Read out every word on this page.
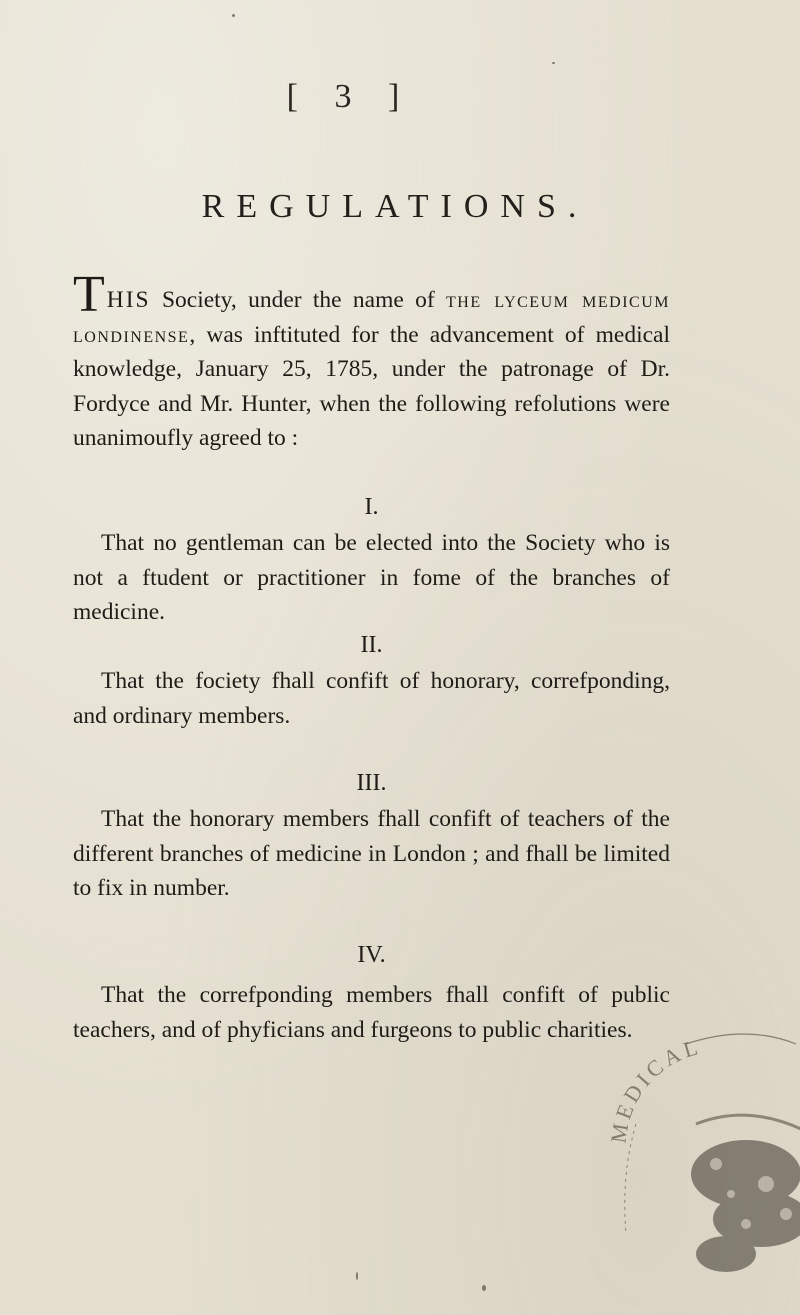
[ 3 ]
REGULATIONS.
THIS Society, under the name of the lyceum medicum londinense, was inftituted for the advancement of medical knowledge, January 25, 1785, under the patronage of Dr. Fordyce and Mr. Hunter, when the following refolutions were unanimoufly agreed to :
I.
That no gentleman can be elected into the Society who is not a ftudent or practitioner in fome of the branches of medicine.
II.
That the fociety fhall confift of honorary, correfponding, and ordinary members.
III.
That the honorary members fhall confift of teachers of the different branches of medicine in London ; and fhall be limited to fix in number.
IV.
That the correfponding members fhall confift of public teachers, and of phyficians and furgeons to public charities.
MEDICAL
